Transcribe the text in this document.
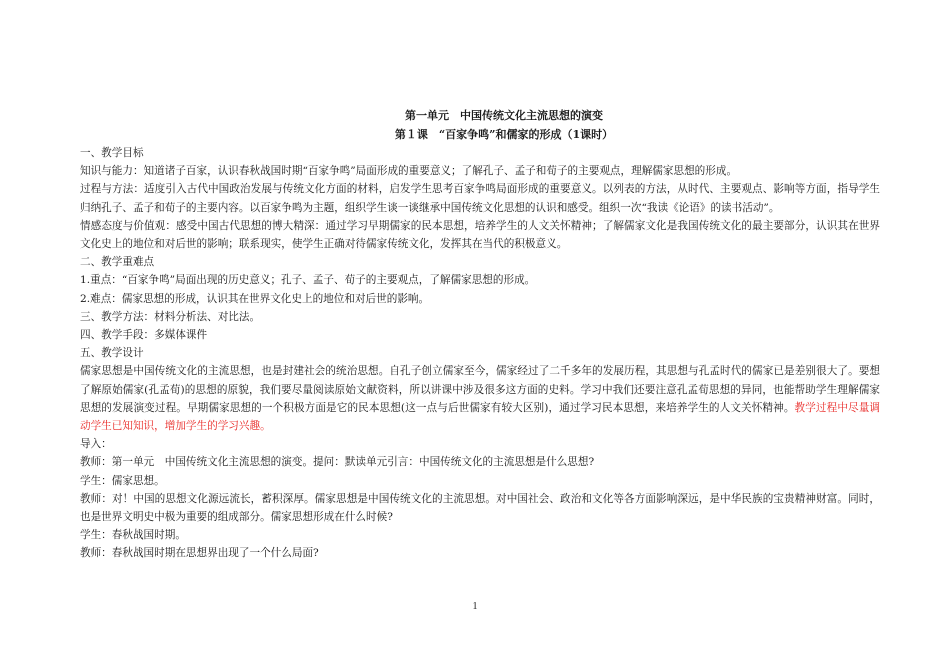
第一单元　中国传统文化主流思想的演变
第１课　“百家争鸣”和儒家的形成（1课时）

一、教学目标

知识与能力：知道诸子百家，认识春秋战国时期“百家争鸣”局面形成的重要意义；了解孔子、孟子和荀子的主要观点，理解儒家思想的形成。

过程与方法：适度引入古代中国政治发展与传统文化方面的材料，启发学生思考百家争鸣局面形成的重要意义。以列表的方法，从时代、主要观点、影响等方面，指导学生归纳孔子、孟子和荀子的主要内容。以百家争鸣为主题，组织学生谈一谈继承中国传统文化思想的认识和感受。组织一次“我读《论语》的读书活动”。

情感态度与价值观：感受中国古代思想的博大精深：通过学习早期儒家的民本思想，培养学生的人文关怀精神；了解儒家文化是我国传统文化的最主要部分，认识其在世界文化史上的地位和对后世的影响；联系现实，使学生正确对待儒家传统文化，发挥其在当代的积极意义。

二、教学重难点

1.重点：“百家争鸣”局面出现的历史意义；孔子、孟子、荀子的主要观点，了解儒家思想的形成。

2.难点：儒家思想的形成，认识其在世界文化史上的地位和对后世的影响。

三、教学方法：材料分析法、对比法。

四、教学手段：多媒体课件

五、教学设计

儒家思想是中国传统文化的主流思想，也是封建社会的统治思想。自孔子创立儒家至今，儒家经过了二千多年的发展历程，其思想与孔孟时代的儒家已是差别很大了。要想了解原始儒家(孔孟荀)的思想的原貌，我们要尽量阅读原始文献资料，所以讲课中涉及很多这方面的史料。学习中我们还要注意孔孟荀思想的异同，也能帮助学生理解儒家思想的发展演变过程。早期儒家思想的一个积极方面是它的民本思想(这一点与后世儒家有较大区别)，通过学习民本思想，来培养学生的人文关怀精神。教学过程中尽量调动学生已知知识，增加学生的学习兴趣。

导入：

教师：第一单元　中国传统文化主流思想的演变。提问：默读单元引言：中国传统文化的主流思想是什么思想?

学生：儒家思想。

教师：对！中国的思想文化源远流长，蓄积深厚。儒家思想是中国传统文化的主流思想。对中国社会、政治和文化等各方面影响深远，是中华民族的宝贵精神财富。同时，也是世界文明史中极为重要的组成部分。儒家思想形成在什么时候?

学生：春秋战国时期。

教师：春秋战国时期在思想界出现了一个什么局面?

1
